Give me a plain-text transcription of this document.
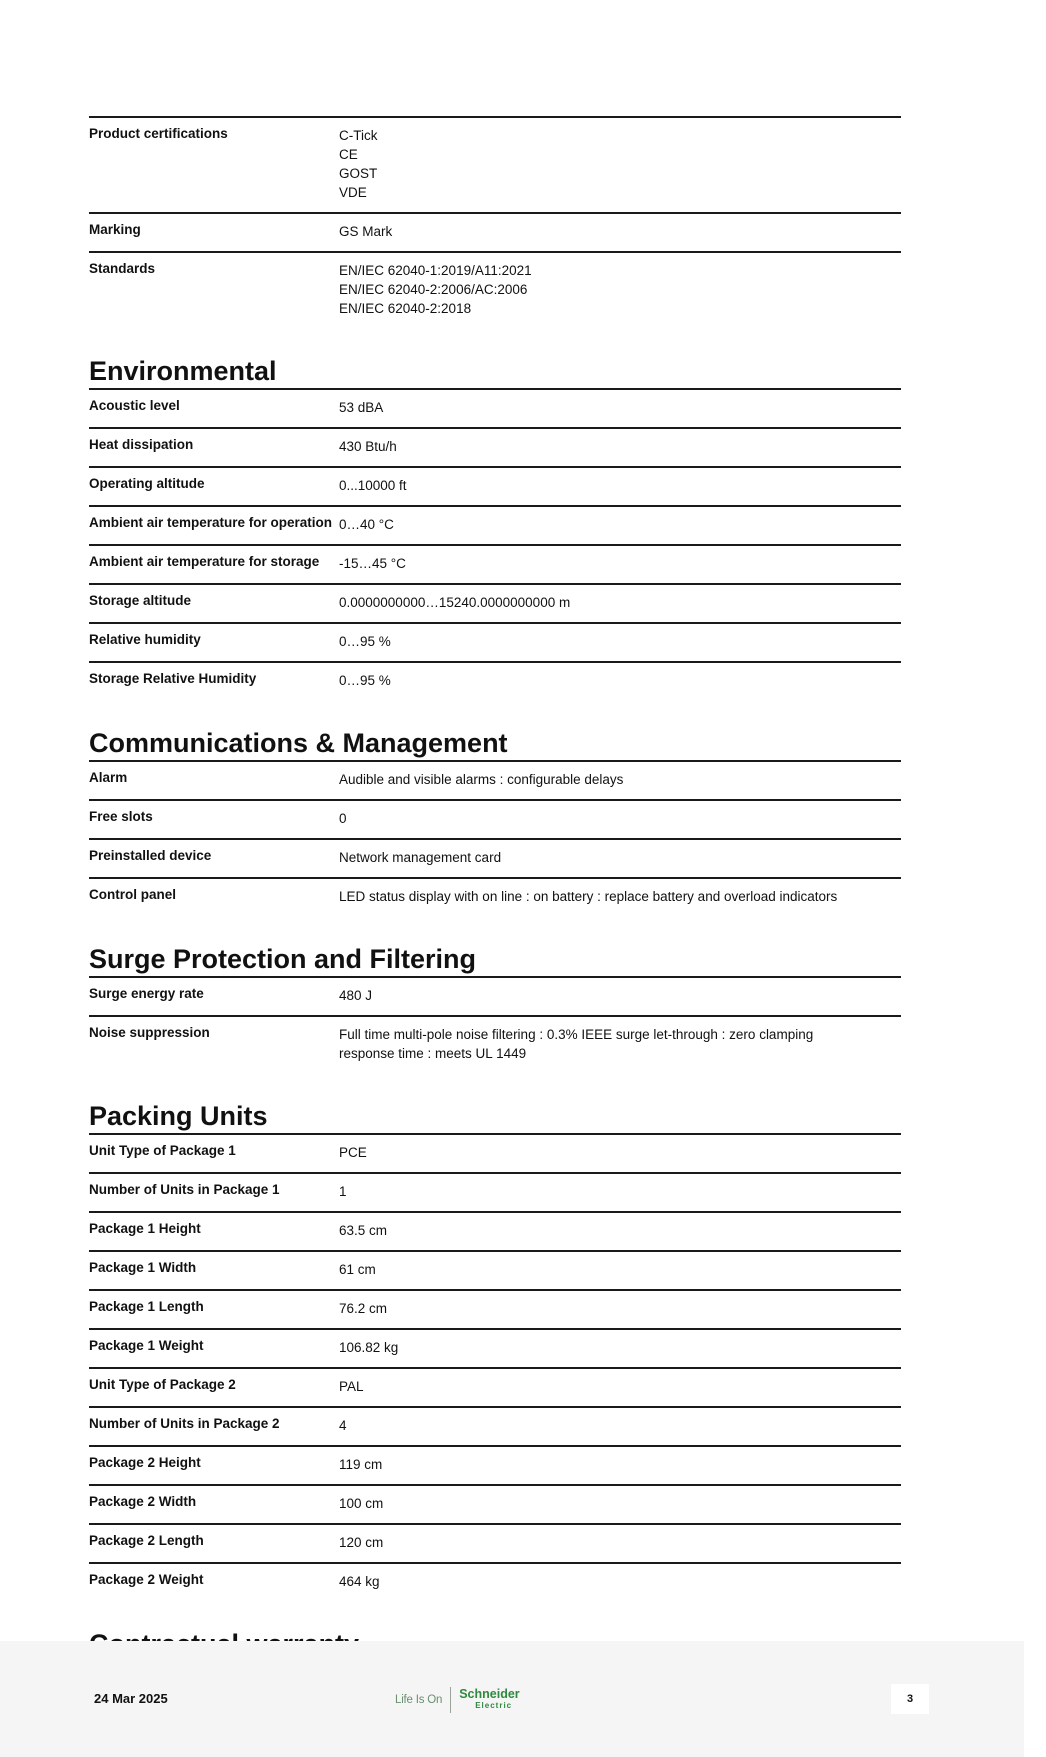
Product certifications	C-Tick
CE
GOST
VDE

Marking	GS Mark

Standards	EN/IEC 62040-1:2019/A11:2021
EN/IEC 62040-2:2006/AC:2006
EN/IEC 62040-2:2018
Environmental
Acoustic level	53 dBA

Heat dissipation	430 Btu/h

Operating altitude	0...10000 ft

Ambient air temperature for operation	0…40 °C

Ambient air temperature for storage	-15…45 °C

Storage altitude	0.0000000000…15240.0000000000 m

Relative humidity	0…95 %

Storage Relative Humidity	0…95 %
Communications & Management
Alarm	Audible and visible alarms : configurable delays

Free slots	0

Preinstalled device	Network management card

Control panel	LED status display with on line : on battery : replace battery and overload indicators
Surge Protection and Filtering
Surge energy rate	480 J

Noise suppression	Full time multi-pole noise filtering : 0.3% IEEE surge let-through : zero clamping
response time : meets UL 1449
Packing Units
Unit Type of Package 1	PCE

Number of Units in Package 1	1

Package 1 Height	63.5 cm

Package 1 Width	61 cm

Package 1 Length	76.2 cm

Package 1 Weight	106.82 kg

Unit Type of Package 2	PAL

Number of Units in Package 2	4

Package 2 Height	119 cm

Package 2 Width	100 cm

Package 2 Length	120 cm

Package 2 Weight	464 kg
24 Mar 2025	Life Is On Schneider
Electric
3
